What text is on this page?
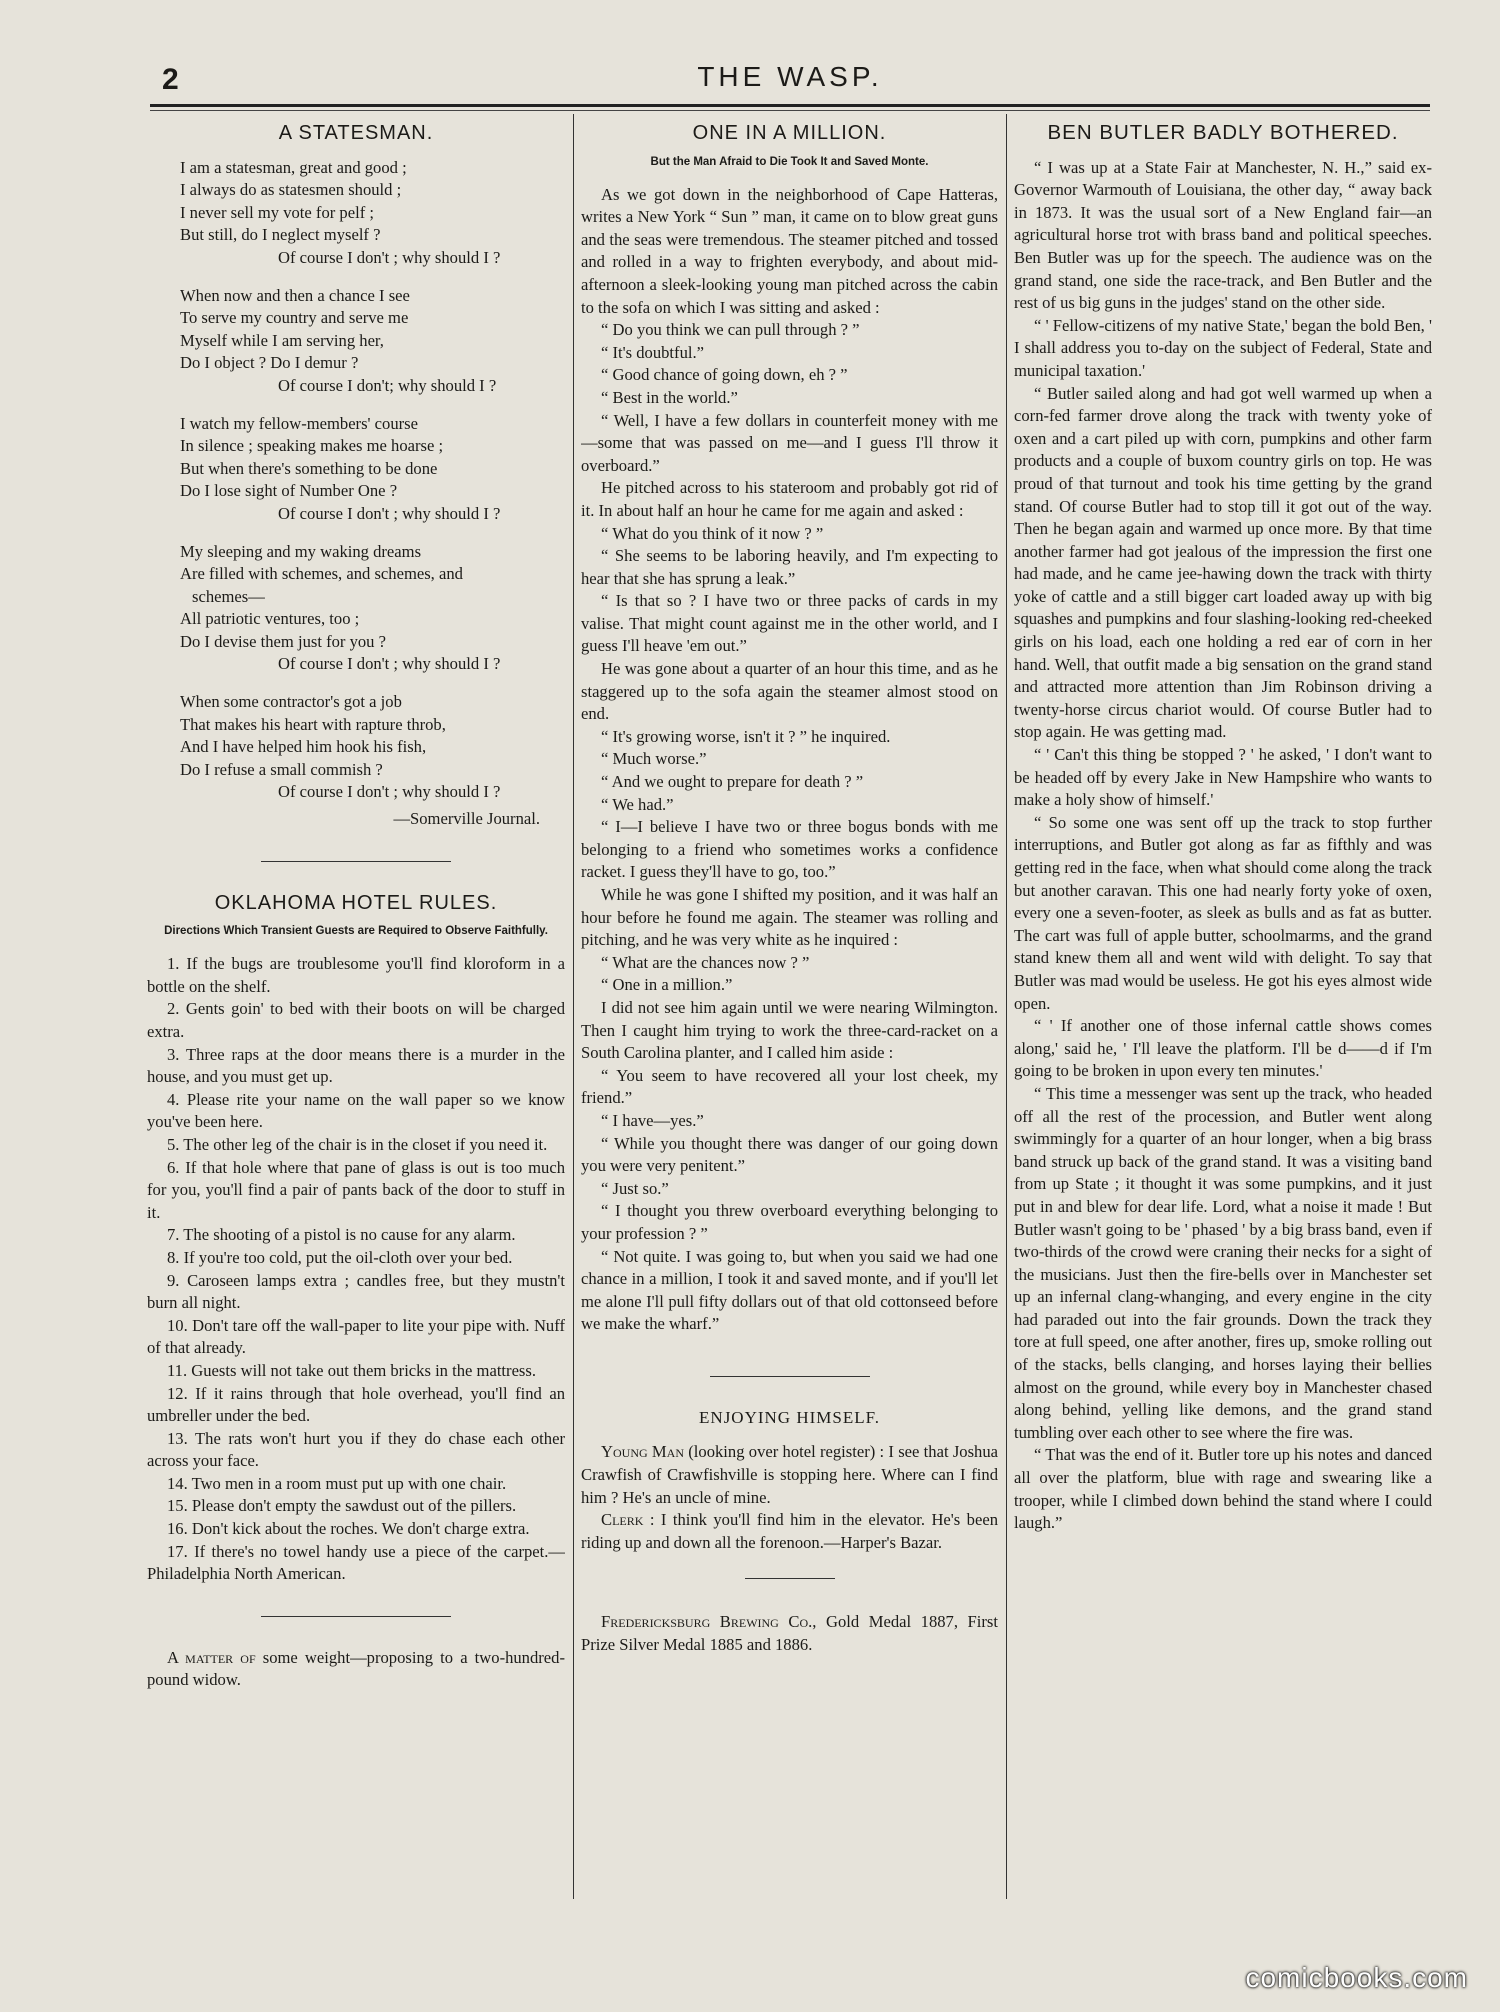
2	THE WASP.
A STATESMAN.
I am a statesman, great and good ;
I always do as statesmen should ;
I never sell my vote for pelf ;
But still, do I neglect myself ?
Of course I don't ; why should I ?
When now and then a chance I see
To serve my country and serve me
Myself while I am serving her,
Do I object ? Do I demur ?
Of course I don't; why should I ?
I watch my fellow-members' course
In silence ; speaking makes me hoarse ;
But when there's something to be done
Do I lose sight of Number One ?
Of course I don't ; why should I ?
My sleeping and my waking dreams
Are filled with schemes, and schemes, and
schemes—
All patriotic ventures, too ;
Do I devise them just for you ?
Of course I don't ; why should I ?
When some contractor's got a job
That makes his heart with rapture throb,
And I have helped him hook his fish,
Do I refuse a small commish ?
Of course I don't ; why should I ?
—Somerville Journal.
OKLAHOMA HOTEL RULES.
Directions Which Transient Guests are Required to Observe Faithfully.

1. If the bugs are troublesome you'll find kloroform in a bottle on the shelf.

2. Gents goin' to bed with their boots on will be charged extra.

3. Three raps at the door means there is a murder in the house, and you must get up.

4. Please rite your name on the wall paper so we know you've been here.

5. The other leg of the chair is in the closet if you need it.

6. If that hole where that pane of glass is out is too much for you, you'll find a pair of pants back of the door to stuff in it.

7. The shooting of a pistol is no cause for any alarm.

8. If you're too cold, put the oil-cloth over your bed.

9. Caroseen lamps extra ; candles free, but they mustn't burn all night.

10. Don't tare off the wall-paper to lite your pipe with. Nuff of that already.

11. Guests will not take out them bricks in the mattress.

12. If it rains through that hole overhead, you'll find an umbreller under the bed.

13. The rats won't hurt you if they do chase each other across your face.

14. Two men in a room must put up with one chair.

15. Please don't empty the sawdust out of the pillers.

16. Don't kick about the roches. We don't charge extra.

17. If there's no towel handy use a piece of the carpet.—Philadelphia North American.

A matter of some weight—proposing to a two-hundred-pound widow.

ONE IN A MILLION.
But the Man Afraid to Die Took It and Saved Monte.

As we got down in the neighborhood of Cape Hatteras, writes a New York “ Sun ” man, it came on to blow great guns and the seas were tremendous. The steamer pitched and tossed and rolled in a way to frighten everybody, and about mid-afternoon a sleek-looking young man pitched across the cabin to the sofa on which I was sitting and asked :

“ Do you think we can pull through ? ”

“ It's doubtful.”

“ Good chance of going down, eh ? ”

“ Best in the world.”

“ Well, I have a few dollars in counterfeit money with me—some that was passed on me—and I guess I'll throw it overboard.”

He pitched across to his stateroom and probably got rid of it. In about half an hour he came for me again and asked :

“ What do you think of it now ? ”

“ She seems to be laboring heavily, and I'm expecting to hear that she has sprung a leak.”

“ Is that so ? I have two or three packs of cards in my valise. That might count against me in the other world, and I guess I'll heave 'em out.”

He was gone about a quarter of an hour this time, and as he staggered up to the sofa again the steamer almost stood on end.

“ It's growing worse, isn't it ? ” he inquired.

“ Much worse.”

“ And we ought to prepare for death ? ”

“ We had.”

“ I—I believe I have two or three bogus bonds with me belonging to a friend who sometimes works a confidence racket. I guess they'll have to go, too.”

While he was gone I shifted my position, and it was half an hour before he found me again. The steamer was rolling and pitching, and he was very white as he inquired :

“ What are the chances now ? ”

“ One in a million.”

I did not see him again until we were nearing Wilmington. Then I caught him trying to work the three-card-racket on a South Carolina planter, and I called him aside :

“ You seem to have recovered all your lost cheek, my friend.”

“ I have—yes.”

“ While you thought there was danger of our going down you were very penitent.”

“ Just so.”

“ I thought you threw overboard everything belonging to your profession ? ”

“ Not quite. I was going to, but when you said we had one chance in a million, I took it and saved monte, and if you'll let me alone I'll pull fifty dollars out of that old cottonseed before we make the wharf.”

ENJOYING HIMSELF.

Young Man (looking over hotel register) : I see that Joshua Crawfish of Crawfishville is stopping here. Where can I find him ? He's an uncle of mine.

Clerk : I think you'll find him in the elevator. He's been riding up and down all the forenoon.—Harper's Bazar.

Fredericksburg Brewing Co., Gold Medal 1887, First Prize Silver Medal 1885 and 1886.

BEN BUTLER BADLY BOTHERED.

“ I was up at a State Fair at Manchester, N. H.,” said ex-Governor Warmouth of Louisiana, the other day, “ away back in 1873. It was the usual sort of a New England fair—an agricultural horse trot with brass band and political speeches. Ben Butler was up for the speech. The audience was on the grand stand, one side the race-track, and Ben Butler and the rest of us big guns in the judges' stand on the other side.

“ ' Fellow-citizens of my native State,' began the bold Ben, ' I shall address you to-day on the subject of Federal, State and municipal taxation.'

“ Butler sailed along and had got well warmed up when a corn-fed farmer drove along the track with twenty yoke of oxen and a cart piled up with corn, pumpkins and other farm products and a couple of buxom country girls on top. He was proud of that turnout and took his time getting by the grand stand. Of course Butler had to stop till it got out of the way. Then he began again and warmed up once more. By that time another farmer had got jealous of the impression the first one had made, and he came jee-hawing down the track with thirty yoke of cattle and a still bigger cart loaded away up with big squashes and pumpkins and four slashing-looking red-cheeked girls on his load, each one holding a red ear of corn in her hand. Well, that outfit made a big sensation on the grand stand and attracted more attention than Jim Robinson driving a twenty-horse circus chariot would. Of course Butler had to stop again. He was getting mad.

“ ' Can't this thing be stopped ? ' he asked, ' I don't want to be headed off by every Jake in New Hampshire who wants to make a holy show of himself.'

“ So some one was sent off up the track to stop further interruptions, and Butler got along as far as fifthly and was getting red in the face, when what should come along the track but another caravan. This one had nearly forty yoke of oxen, every one a seven-footer, as sleek as bulls and as fat as butter. The cart was full of apple butter, schoolmarms, and the grand stand knew them all and went wild with delight. To say that Butler was mad would be useless. He got his eyes almost wide open.

“ ' If another one of those infernal cattle shows comes along,' said he, ' I'll leave the platform. I'll be d——d if I'm going to be broken in upon every ten minutes.'

“ This time a messenger was sent up the track, who headed off all the rest of the procession, and Butler went along swimmingly for a quarter of an hour longer, when a big brass band struck up back of the grand stand. It was a visiting band from up State ; it thought it was some pumpkins, and it just put in and blew for dear life. Lord, what a noise it made ! But Butler wasn't going to be ' phased ' by a big brass band, even if two-thirds of the crowd were craning their necks for a sight of the musicians. Just then the fire-bells over in Manchester set up an infernal clang-whanging, and every engine in the city had paraded out into the fair grounds. Down the track they tore at full speed, one after another, fires up, smoke rolling out of the stacks, bells clanging, and horses laying their bellies almost on the ground, while every boy in Manchester chased along behind, yelling like demons, and the grand stand tumbling over each other to see where the fire was.

“ That was the end of it. Butler tore up his notes and danced all over the platform, blue with rage and swearing like a trooper, while I climbed down behind the stand where I could laugh.”

comicbooks.com
